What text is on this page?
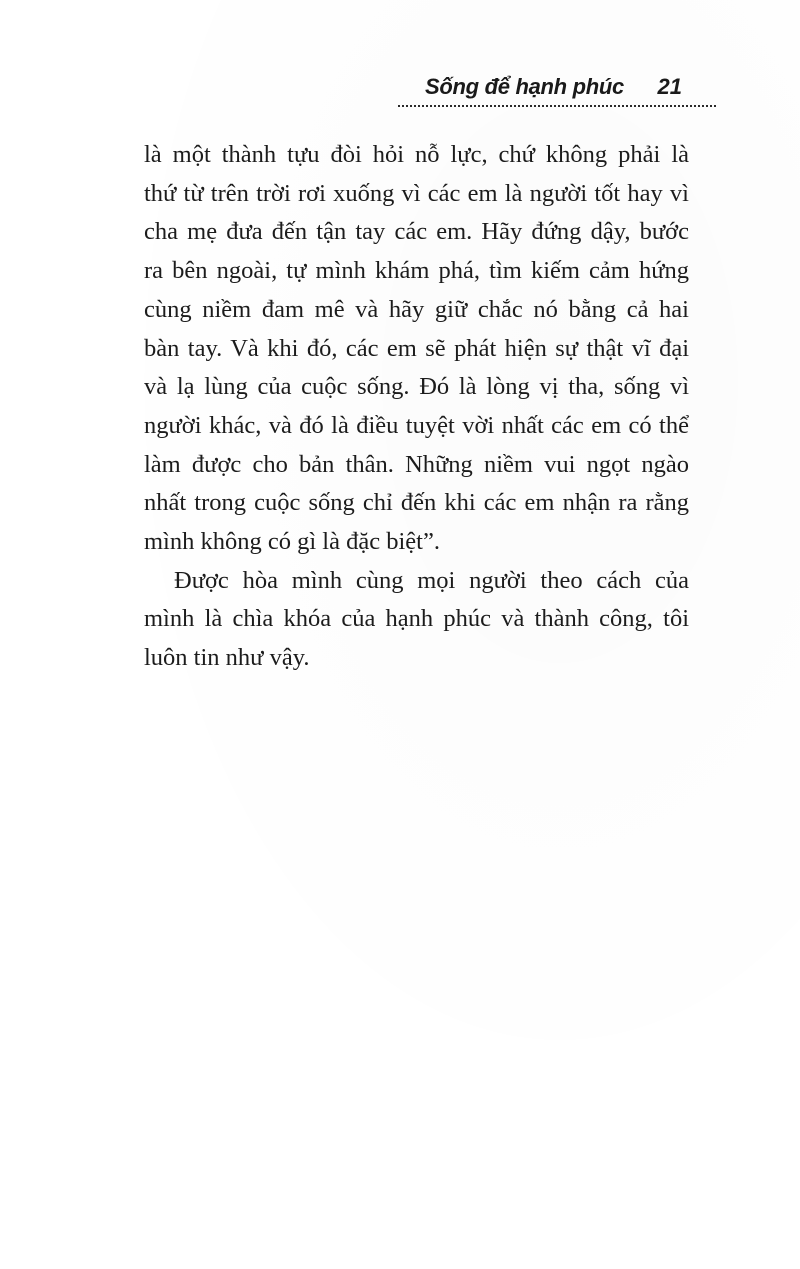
Sống để hạnh phúc 21
là một thành tựu đòi hỏi nỗ lực, chứ không phải là
thứ từ trên trời rơi xuống vì các em là người tốt hay vì
cha mẹ đưa đến tận tay các em. Hãy đứng dậy, bước
ra bên ngoài, tự mình khám phá, tìm kiếm cảm hứng
cùng niềm đam mê và hãy giữ chắc nó bằng cả hai
bàn tay. Và khi đó, các em sẽ phát hiện sự thật vĩ đại
và lạ lùng của cuộc sống. Đó là lòng vị tha, sống vì
người khác, và đó là điều tuyệt vời nhất các em có thể
làm được cho bản thân. Những niềm vui ngọt ngào
nhất trong cuộc sống chỉ đến khi các em nhận ra rằng
mình không có gì là đặc biệt”.
Được hòa mình cùng mọi người theo cách của
mình là chìa khóa của hạnh phúc và thành công, tôi
luôn tin như vậy.
